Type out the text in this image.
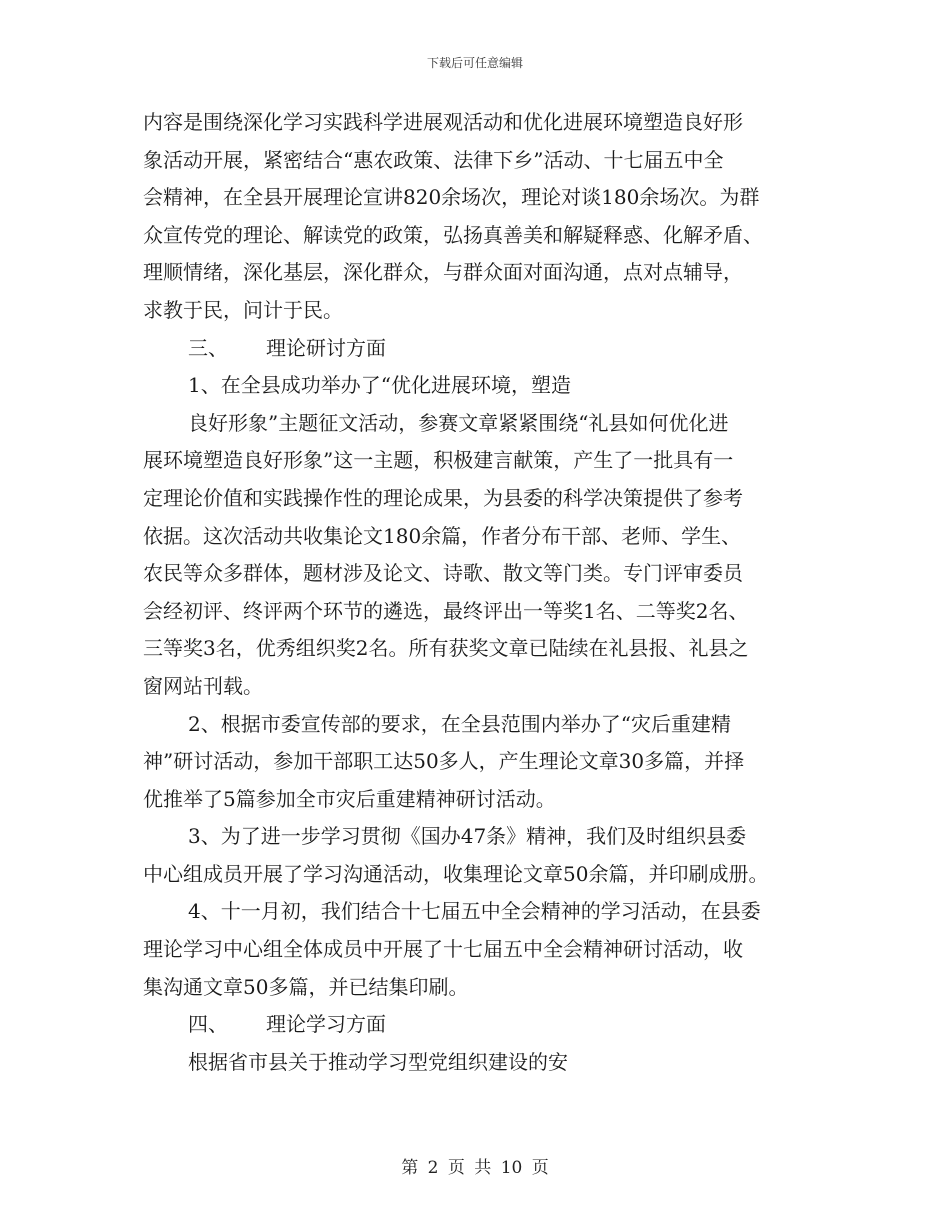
下载后可任意编辑
内容是围绕深化学习实践科学进展观活动和优化进展环境塑造良好形
象活动开展，紧密结合“惠农政策、法律下乡”活动、十七届五中全
会精神，在全县开展理论宣讲820余场次，理论对谈180余场次。为群
众宣传党的理论、解读党的政策，弘扬真善美和解疑释惑、化解矛盾、
理顺情绪，深化基层，深化群众，与群众面对面沟通，点对点辅导，
求教于民，问计于民。
三、 理论研讨方面
1、在全县成功举办了“优化进展环境，塑造
良好形象”主题征文活动，参赛文章紧紧围绕“礼县如何优化进
展环境塑造良好形象”这一主题，积极建言献策，产生了一批具有一
定理论价值和实践操作性的理论成果，为县委的科学决策提供了参考
依据。这次活动共收集论文180余篇，作者分布干部、老师、学生、
农民等众多群体，题材涉及论文、诗歌、散文等门类。专门评审委员
会经初评、终评两个环节的遴选，最终评出一等奖1名、二等奖2名、
三等奖3名，优秀组织奖2名。所有获奖文章已陆续在礼县报、礼县之
窗网站刊载。
2、根据市委宣传部的要求，在全县范围内举办了“灾后重建精
神”研讨活动，参加干部职工达50多人，产生理论文章30多篇，并择
优推举了5篇参加全市灾后重建精神研讨活动。
3、为了进一步学习贯彻《国办47条》精神，我们及时组织县委
中心组成员开展了学习沟通活动，收集理论文章50余篇，并印刷成册。
4、十一月初，我们结合十七届五中全会精神的学习活动，在县委
理论学习中心组全体成员中开展了十七届五中全会精神研讨活动，收
集沟通文章50多篇，并已结集印刷。
四、 理论学习方面
根据省市县关于推动学习型党组织建设的安
第 2 页 共 10 页
